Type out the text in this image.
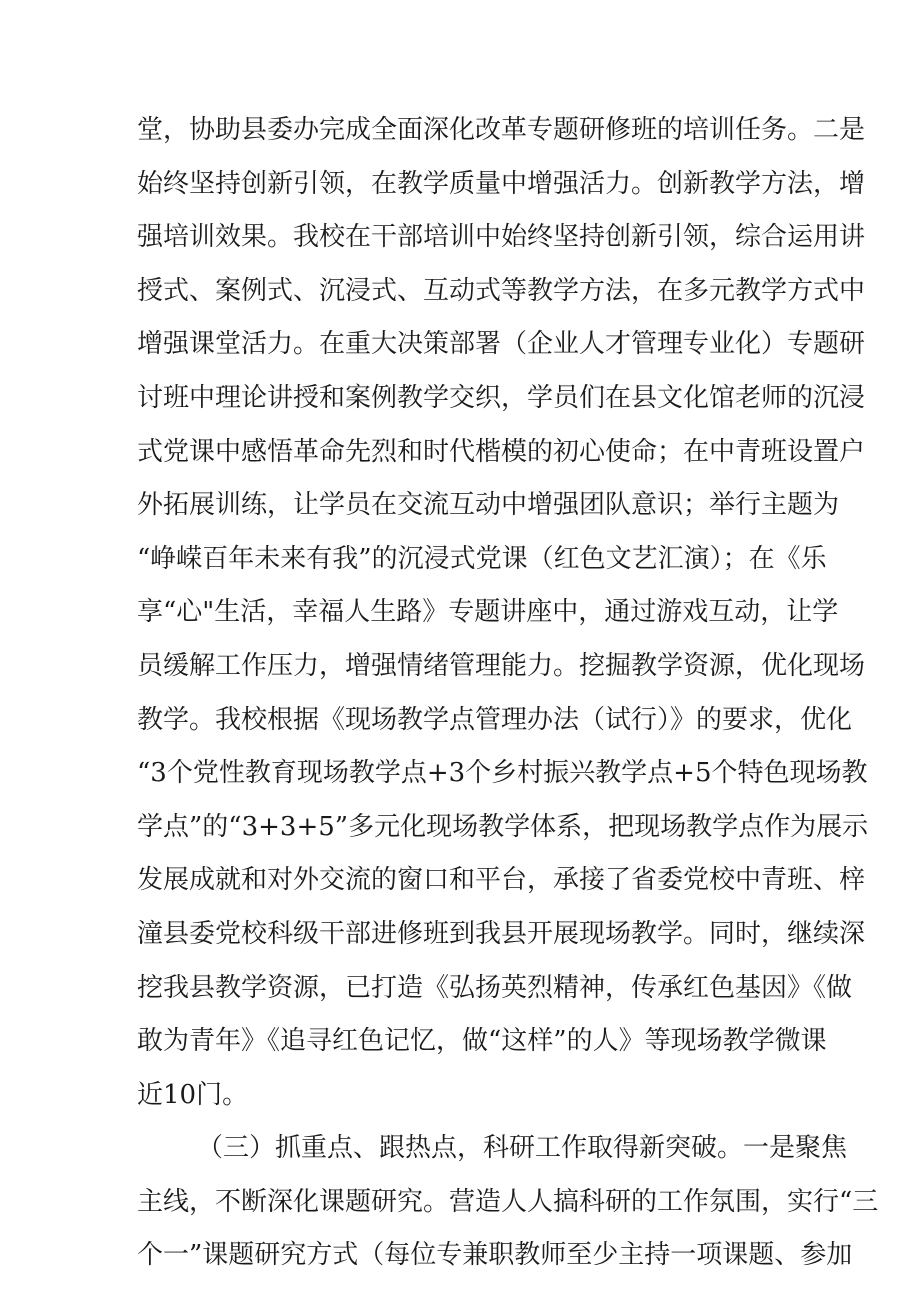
堂，协助县委办完成全面深化改革专题研修班的培训任务。二是
始终坚持创新引领，在教学质量中增强活力。创新教学方法，增
强培训效果。我校在干部培训中始终坚持创新引领，综合运用讲
授式、案例式、沉浸式、互动式等教学方法，在多元教学方式中
增强课堂活力。在重大决策部署（企业人才管理专业化）专题研
讨班中理论讲授和案例教学交织，学员们在县文化馆老师的沉浸
式党课中感悟革命先烈和时代楷模的初心使命；在中青班设置户
外拓展训练，让学员在交流互动中增强团队意识；举行主题为
“峥嵘百年未来有我”的沉浸式党课（红色文艺汇演）；在《乐
享“心"生活，幸福人生路》专题讲座中，通过游戏互动，让学
员缓解工作压力，增强情绪管理能力。挖掘教学资源，优化现场
教学。我校根据《现场教学点管理办法（试行）》的要求，优化
“3个党性教育现场教学点+3个乡村振兴教学点+5个特色现场教
学点”的“3+3+5”多元化现场教学体系，把现场教学点作为展示
发展成就和对外交流的窗口和平台，承接了省委党校中青班、梓
潼县委党校科级干部进修班到我县开展现场教学。同时，继续深
挖我县教学资源，已打造《弘扬英烈精神，传承红色基因》《做
敢为青年》《追寻红色记忆，做“这样”的人》等现场教学微课
近10门。
（三）抓重点、跟热点，科研工作取得新突破。一是聚焦
主线，不断深化课题研究。营造人人搞科研的工作氛围，实行“三
个一”课题研究方式（每位专兼职教师至少主持一项课题、参加
